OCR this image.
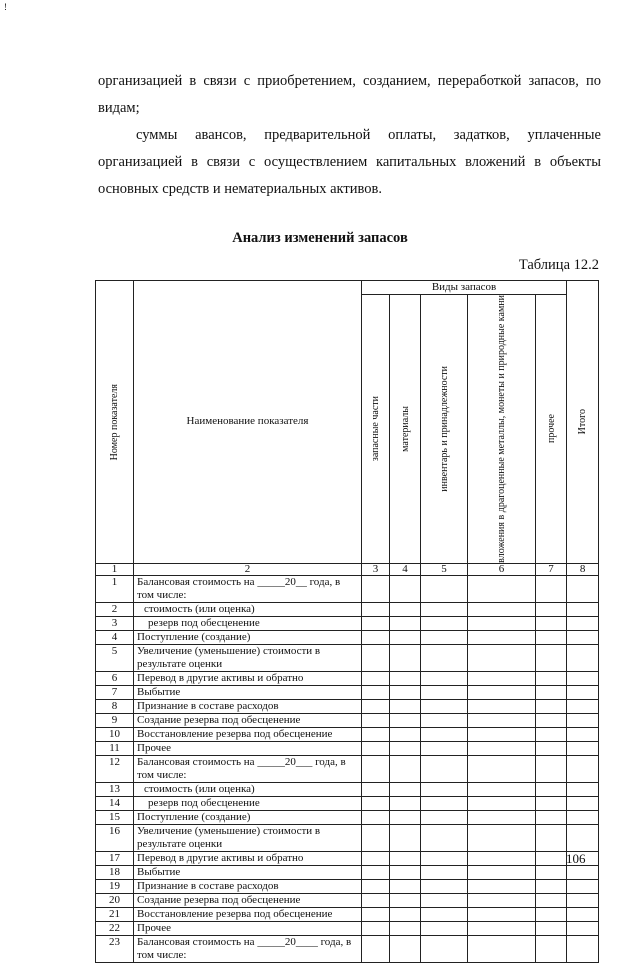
!
организацией в связи с приобретением, созданием, переработкой запасов, по видам;
суммы авансов, предварительной оплаты, задатков, уплаченные организацией в связи с осуществлением капитальных вложений в объекты основных средств и нематериальных активов.
Анализ изменений запасов
Таблица 12.2
Номер показателя	Наименование показателя	Виды запасов					Итого

		запасные части	материалы	инвентарь и принадлежности	вложения в драгоценные металлы, монеты и природные камни	прочее	

1	2	3	4	5	6	7	8
1	Балансовая стоимость на _____20__ года, в том числе:						
2	стоимость (или оценка)						
3	резерв под обесценение						
4	Поступление (создание)						
5	Увеличение (уменьшение) стоимости в результате оценки						
6	Перевод в другие активы и обратно						
7	Выбытие						
8	Признание в составе расходов						
9	Создание резерва под обесценение						
10	Восстановление резерва под обесценение						
11	Прочее						
12	Балансовая стоимость на _____20___ года, в том числе:						
13	стоимость (или оценка)						
14	резерв под обесценение						
15	Поступление (создание)						
16	Увеличение (уменьшение) стоимости в результате оценки						
17	Перевод в другие активы и обратно						
18	Выбытие						
19	Признание в составе расходов						
20	Создание резерва под обесценение						
21	Восстановление резерва под обесценение						
22	Прочее						
23	Балансовая стоимость на _____20____ года, в том числе:						
106
